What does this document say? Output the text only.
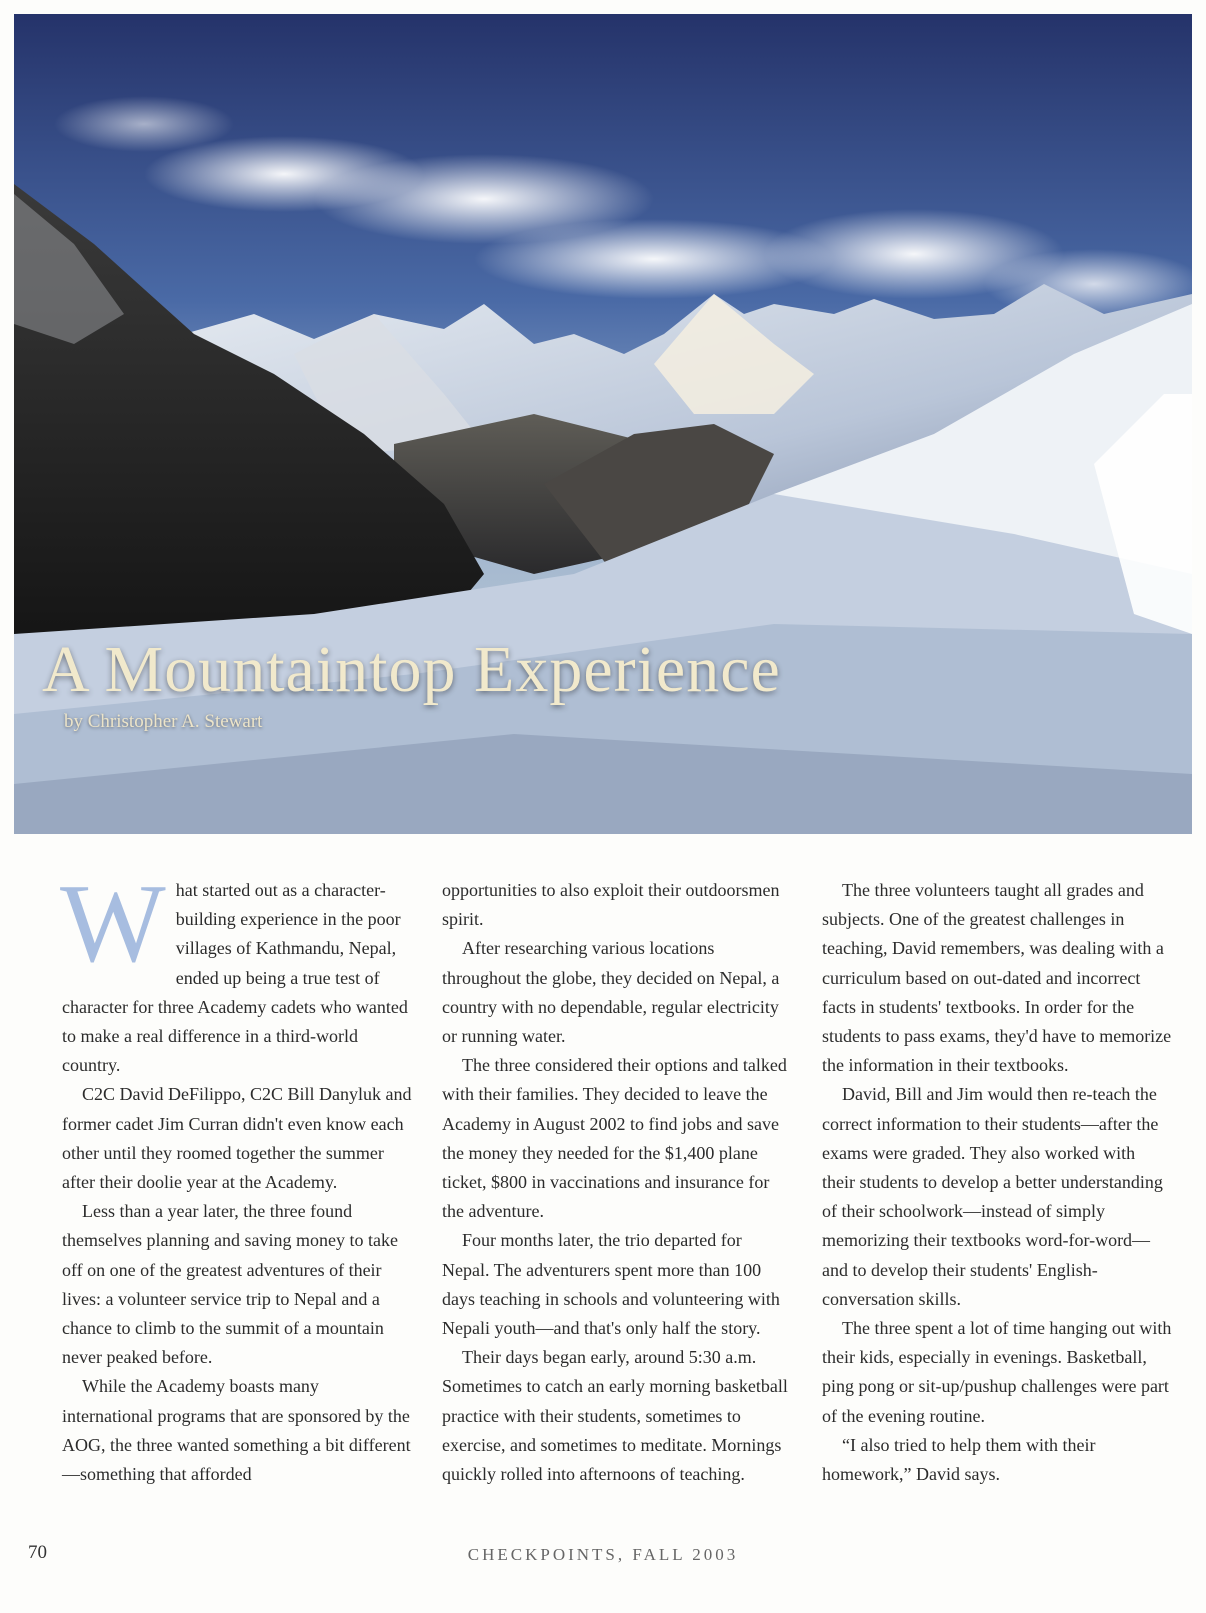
A Mountaintop Experience
by Christopher A. Stewart

What started out as a character-building experience in the poor villages of Kathmandu, Nepal, ended up being a true test of character for three Academy cadets who wanted to make a real difference in a third-world country.

C2C David DeFilippo, C2C Bill Danyluk and former cadet Jim Curran didn't even know each other until they roomed together the summer after their doolie year at the Academy.

Less than a year later, the three found themselves planning and saving money to take off on one of the greatest adventures of their lives: a volunteer service trip to Nepal and a chance to climb to the summit of a mountain never peaked before.

While the Academy boasts many international programs that are sponsored by the AOG, the three wanted something a bit different—something that afforded

opportunities to also exploit their outdoorsmen spirit.

After researching various locations throughout the globe, they decided on Nepal, a country with no dependable, regular electricity or running water.

The three considered their options and talked with their families. They decided to leave the Academy in August 2002 to find jobs and save the money they needed for the $1,400 plane ticket, $800 in vaccinations and insurance for the adventure.

Four months later, the trio departed for Nepal. The adventurers spent more than 100 days teaching in schools and volunteering with Nepali youth—and that's only half the story.

Their days began early, around 5:30 a.m. Sometimes to catch an early morning basketball practice with their students, sometimes to exercise, and sometimes to meditate. Mornings quickly rolled into afternoons of teaching.

The three volunteers taught all grades and subjects. One of the greatest challenges in teaching, David remembers, was dealing with a curriculum based on out-dated and incorrect facts in students' textbooks. In order for the students to pass exams, they'd have to memorize the information in their textbooks.

David, Bill and Jim would then re-teach the correct information to their students—after the exams were graded. They also worked with their students to develop a better understanding of their schoolwork—instead of simply memorizing their textbooks word-for-word—and to develop their students' English-conversation skills.

The three spent a lot of time hanging out with their kids, especially in evenings. Basketball, ping pong or sit-up/pushup challenges were part of the evening routine.

“I also tried to help them with their homework,” David says.

70	CHECKPOINTS, FALL 2003
